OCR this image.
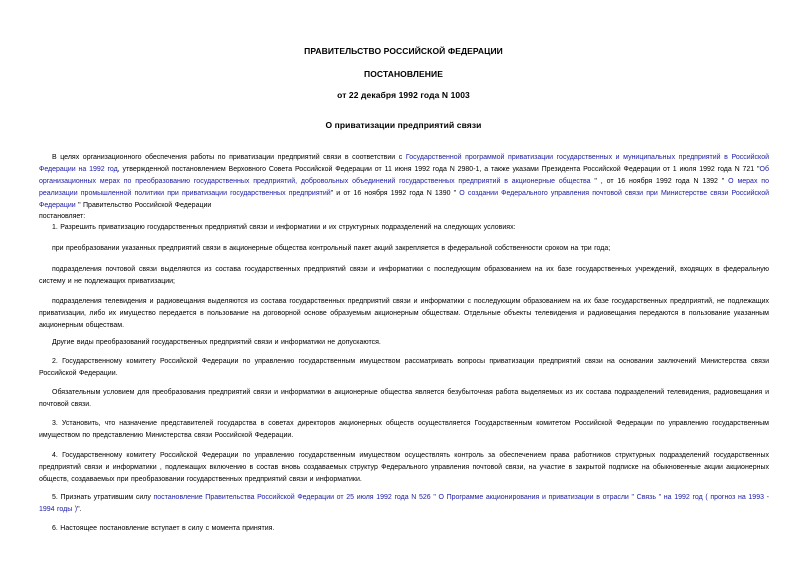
ПРАВИТЕЛЬСТВО РОССИЙСКОЙ ФЕДЕРАЦИИ
ПОСТАНОВЛЕНИЕ
от 22 декабря 1992 года N 1003
О приватизации предприятий связи

В целях организационного обеспечения работы по приватизации предприятий связи в соответствии с Государственной программой приватизации государственных и муниципальных предприятий в Российской Федерации на 1992 год, утвержденной постановлением Верховного Совета Российской Федерации от 11 июня 1992 года N 2980-1, а также указами Президента Российской Федерации от 1 июля 1992 года N 721 "Об организационных мерах по преобразованию государственных предприятий, добровольных объединений государственных предприятий в акционерные общества " , от 16 ноября 1992 года N 1392 " О мерах по реализации промышленной политики при приватизации государственных предприятий" и от 16 ноября 1992 года N 1390 " О создании Федерального управления почтовой связи при Министерстве связи Российской Федерации " Правительство Российской Федерации

постановляет:

1. Разрешить приватизацию государственных предприятий связи и информатики и их структурных подразделений на следующих условиях:

при преобразовании указанных предприятий связи в акционерные общества контрольный пакет акций закрепляется в федеральной собственности сроком на три года;

подразделения почтовой связи выделяются из состава государственных предприятий связи и информатики с последующим образованием на их базе государственных учреждений, входящих в федеральную систему и не подлежащих приватизации;

подразделения телевидения и радиовещания выделяются из состава государственных предприятий связи и информатики с последующим образованием на их базе государственных предприятий, не подлежащих приватизации, либо их имущество передается в пользование на договорной основе образуемым акционерным обществам. Отдельные объекты телевидения и радиовещания передаются в пользование указанным акционерным обществам.

Другие виды преобразований государственных предприятий связи и информатики не допускаются.

2. Государственному комитету Российской Федерации по управлению государственным имуществом рассматривать вопросы приватизации предприятий связи на основании заключений Министерства связи Российской Федерации.

Обязательным условием для преобразования предприятий связи и информатики в акционерные общества является безубыточная работа выделяемых из их состава подразделений телевидения, радиовещания и почтовой связи.

3. Установить, что назначение представителей государства в советах директоров акционерных обществ осуществляется Государственным комитетом Российской Федерации по управлению государственным имуществом по представлению Министерства связи Российской Федерации.

4. Государственному комитету Российской Федерации по управлению государственным имуществом осуществлять контроль за обеспечением права работников структурных подразделений государственных предприятий связи и информатики , подлежащих включению в состав вновь создаваемых структур Федерального управления почтовой связи, на участие в закрытой подписке на обыкновенные акции акционерных обществ, создаваемых при преобразовании государственных предприятий связи и информатики.

5. Признать утратившим силу постановление Правительства Российской Федерации от 25 июля 1992 года N 526 " О Программе акционирования и приватизации в отрасли " Связь " на 1992 год ( прогноз на 1993 - 1994 годы )".

6. Настоящее постановление вступает в силу с момента принятия.
